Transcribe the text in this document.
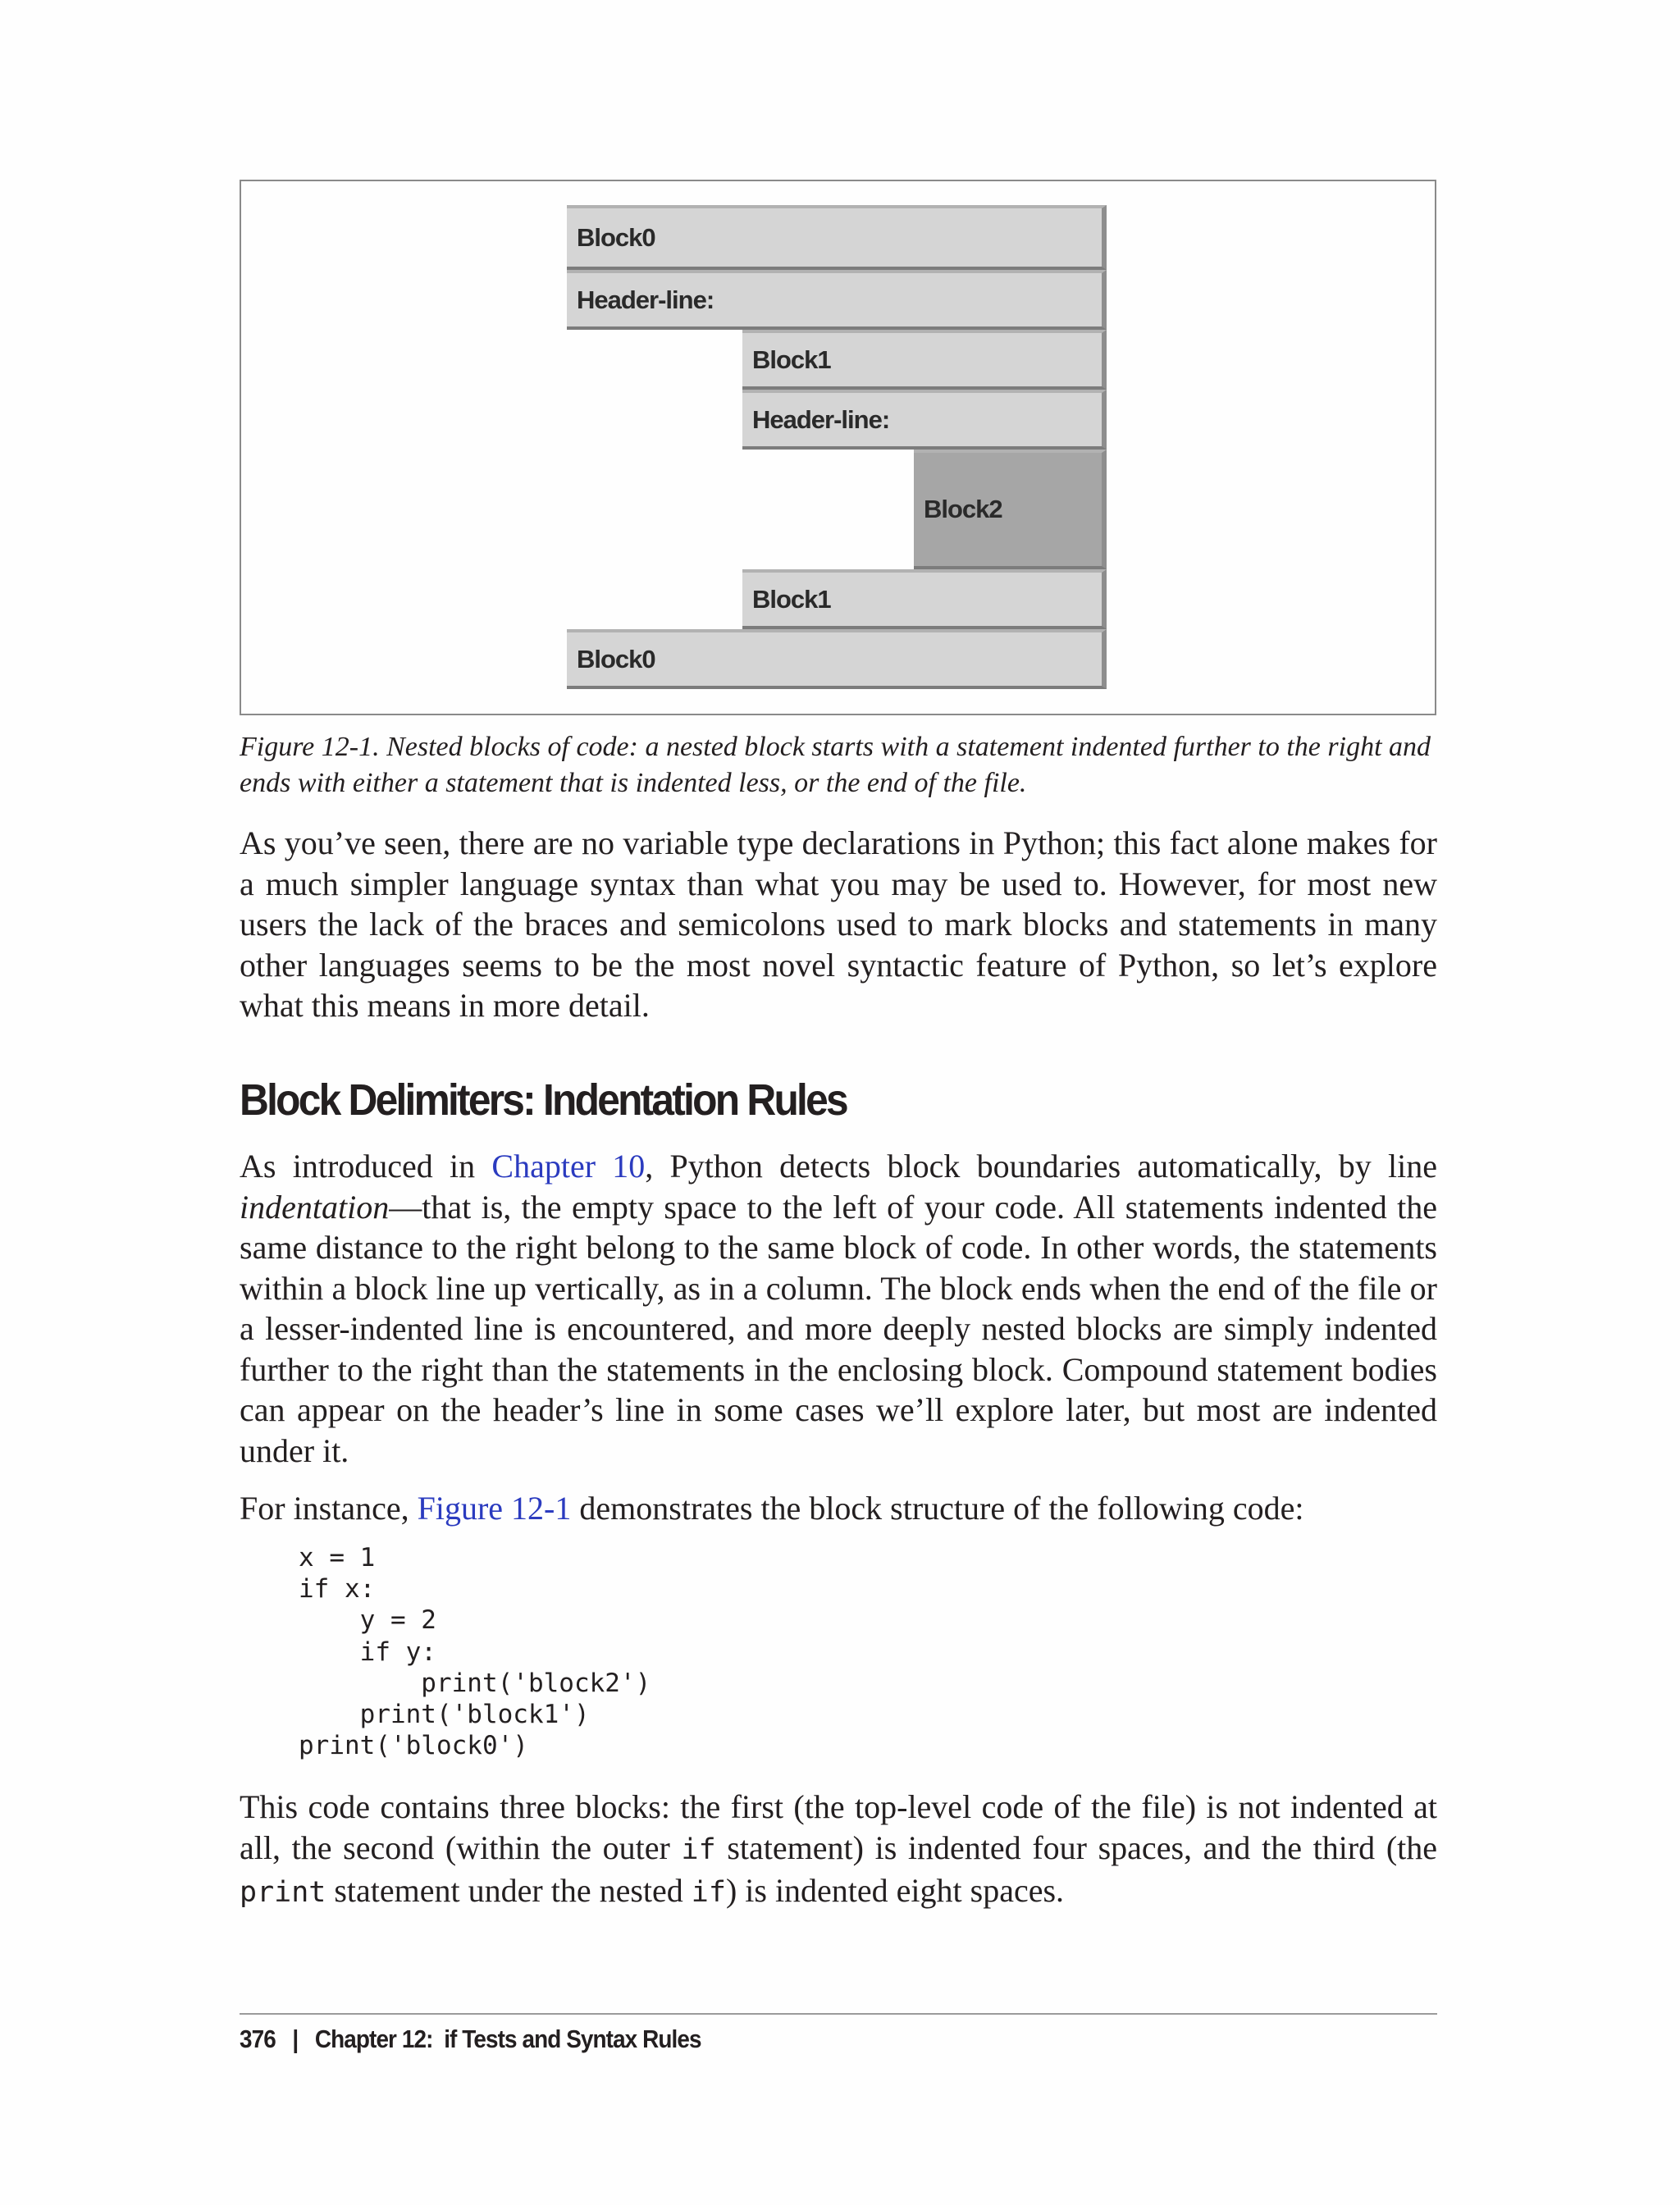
Block0
Header-line:
Block1
Header-line:
Block2
Block1
Block0
Figure 12-1. Nested blocks of code: a nested block starts with a statement indented further to the right and ends with either a statement that is indented less, or the end of the file.

As you’ve seen, there are no variable type declarations in Python; this fact alone makes for a much simpler language syntax than what you may be used to. However, for most new users the lack of the braces and semicolons used to mark blocks and statements in many other languages seems to be the most novel syntactic feature of Python, so let’s explore what this means in more detail.

Block Delimiters: Indentation Rules

As introduced in Chapter 10, Python detects block boundaries automatically, by line indentation—that is, the empty space to the left of your code. All statements indented the same distance to the right belong to the same block of code. In other words, the statements within a block line up vertically, as in a column. The block ends when the end of the file or a lesser-indented line is encountered, and more deeply nested blocks are simply indented further to the right than the statements in the enclosing block. Compound statement bodies can appear on the header’s line in some cases we’ll explore later, but most are indented under it.

For instance, Figure 12-1 demonstrates the block structure of the following code:

x = 1
if x:
y = 2
if y:
print('block2')
print('block1')
print('block0')

This code contains three blocks: the first (the top-level code of the file) is not indented at all, the second (within the outer if statement) is indented four spaces, and the third (the print statement under the nested if) is indented eight spaces.

376 | Chapter 12:  if Tests and Syntax Rules
